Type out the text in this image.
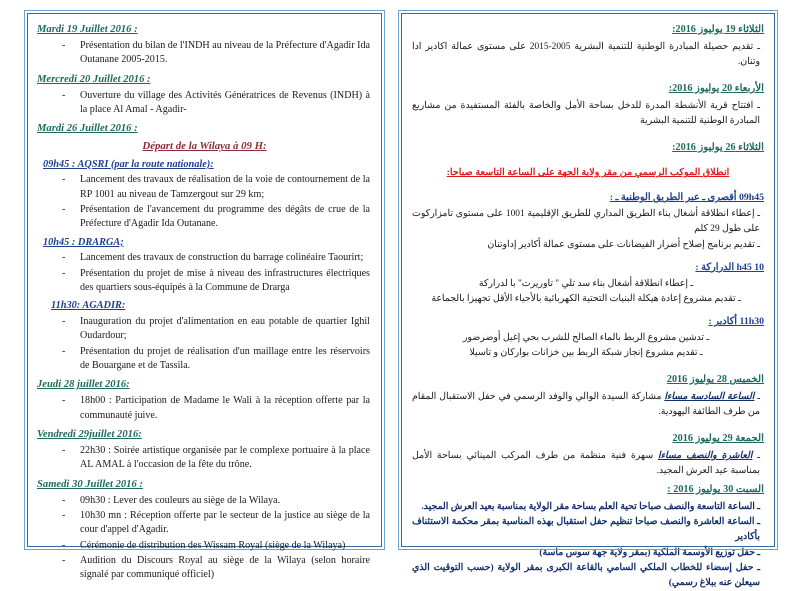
Mardi 19 Juillet 2016 :
- Présentation du bilan de l'INDH au niveau de la Préfecture d'Agadir Ida Outanane 2005-2015.
Mercredi 20 Juillet 2016 :
- Ouverture du village des Activités Génératrices de Revenus (INDH) à la place Al Amal - Agadir-
Mardi 26 Juillet 2016 :
Départ de la Wilaya à 09 H:
09h45 : AQSRI (par la route nationale):
- Lancement des travaux de réalisation de la voie de contournement de la RP 1001 au niveau de Tamzergout sur 29 km;
- Présentation de l'avancement du programme des dégâts de crue de la Préfecture d'Agadir Ida Outanane.
10h45 : DRARGA;
- Lancement des travaux de construction du barrage colinéaire Taourirt;
- Présentation du projet de mise à niveau des infrastructures électriques des quartiers sous-équipés à la Commune de Drarga
11h30: AGADIR:
- Inauguration du projet d'alimentation en eau potable de quartier Ighil Oudardour;
- Présentation du projet de réalisation d'un maillage entre les réservoirs de Bouargane et de Tassila.
Jeudi 28 juillet 2016:
- 18h00 : Participation de Madame le Wali à la réception offerte par la communauté juive.
Vendredi 29juillet 2016:
- 22h30 : Soirée artistique organisée par le complexe portuaire à la place AL AMAL à l'occasion de la fête du trône.
Samedi 30 Juillet 2016 :
- 09h30 : Lever des couleurs au siège de la Wilaya.
- 10h30 mn : Réception offerte par le secteur de la justice au siège de la cour d'appel d'Agadir.
- Cérémonie de distribution des Wissam Royal (siège de la Wilaya)
- Audition du Discours Royal au siège de la Wilaya (selon horaire signalé par communiqué officiel)
الثلاثاء 19 يوليوز 2016:
ـ تقديم حصيلة المبادرة الوطنية للتنمية البشرية 2005-2015 على مستوى عمالة اكادير ادا وتنان.
الأربعاء 20 يوليوز 2016:
ـ افتتاح قرية الأنشطة المدرة للدخل بساحة الأمل والخاصة بالفئة المستفيدة من مشاريع المبادرة الوطنية للتنمية البشرية
الثلاثاء 26 يوليوز 2016:
انطلاق الموكب الرسمي من مقر ولاية الجهة على الساعة التاسعة صباحا:
09h45 أقصرى ـ عبر الطريق الوطنية ـ :
ـ إعطاء انطلاقة أشغال بناء الطريق المداري للطريق الإقليمية 1001 على مستوى تامزاركوت على طول 29 كلم
ـ تقديم برنامج إصلاح أضرار الفيضانات على مستوى عمالة أكادير إداوتنان
10 h45 الدراركة :
ـ إعطاء انطلاقة أشغال بناء سد تلي " تاوريرت" با لدراركة
ـ تقديم مشروع إعادة هيكلة البنيات التحتية الكهربائية بالأحياء الأقل تجهيزا بالجماعة
11h30 أكادير :
ـ تدشين مشروع الربط بالماء الصالح للشرب بحي إغيل أوضرضور
ـ تقديم مشروع إنجاز شبكة الربط بين خزانات بواركان و تاسيلا
الخميس 28 يوليوز 2016
ـ الساعة السادسة مساءا مشاركة السيدة الوالي والوفد الرسمي في حفل الاستقبال المقام من طرف الطائفة اليهودية.
الجمعة 29 يوليوز 2016
ـ العاشرة والنصف مساءا سهرة فنية منظمة من طرف المركب المينائي بساحة الأمل بمناسبة عيد العرش المجيد.
السبت 30 يوليوز 2016 :
ـ الساعة التاسعة والنصف صباحا تحية العلم بساحة مقر الولاية بمناسبة بعيد العرش المجيد.
ـ الساعة العاشرة والنصف صباحا تنظيم حفل استقبال بهذه المناسبة بمقر محكمة الاستئناف بأكادير
ـ حفل توزيع الأوسمة الملكية (بمقر ولاية جهة سوس ماسة)
ـ حفل إسضاء للخطاب الملكي السامي بالقاعة الكبرى بمقر الولاية (حسب التوقيت الذي سيعلن عنه ببلاغ رسمي)
